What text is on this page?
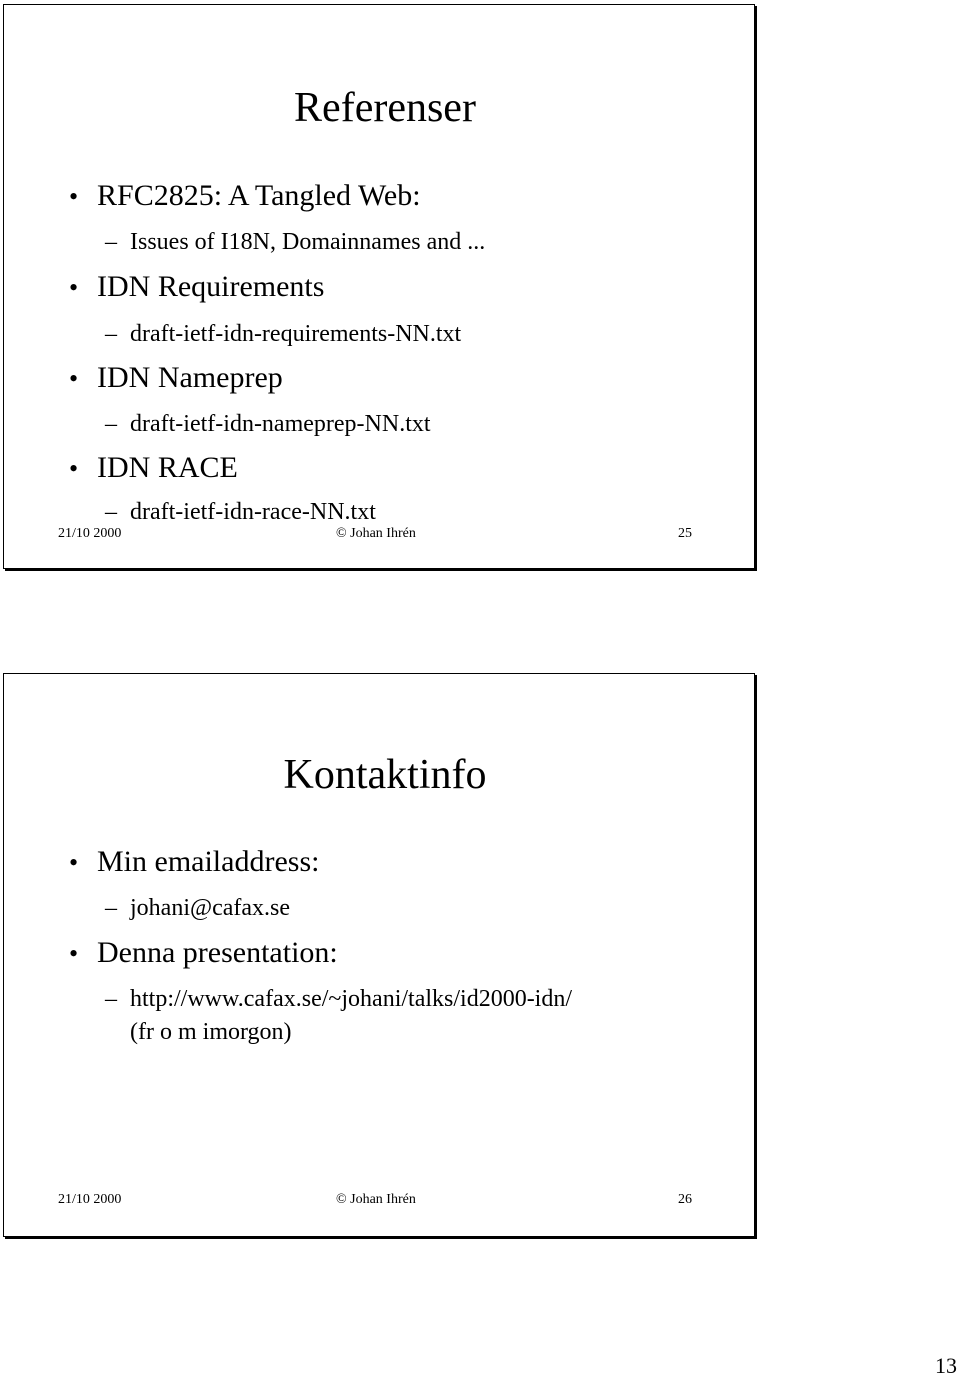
Referenser
• RFC2825: A Tangled Web:
– Issues of I18N, Domainnames and ...
• IDN Requirements
– draft-ietf-idn-requirements-NN.txt
• IDN Nameprep
– draft-ietf-idn-nameprep-NN.txt
• IDN RACE
– draft-ietf-idn-race-NN.txt
21/10 2000	© Johan Ihrén	25
Kontaktinfo
• Min emailaddress:
– johani@cafax.se
• Denna presentation:
– http://www.cafax.se/~johani/talks/id2000-idn/
(fr o m imorgon)
21/10 2000	© Johan Ihrén	26
13
